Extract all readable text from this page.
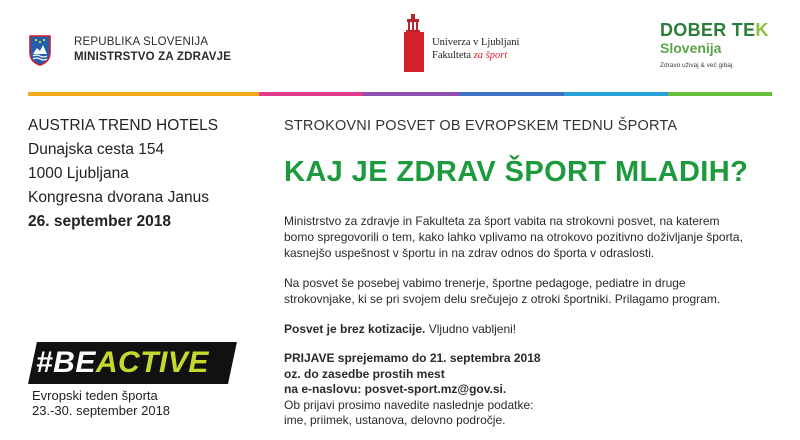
REPUBLIKA SLOVENIJA
MINISTRSTVO ZA ZDRAVJE
Univerza v Ljubljani
Fakulteta za šport
DOBER TEK
Slovenija
Zdravo uživaj & več gibaj.

AUSTRIA TREND HOTELS

Dunajska cesta 154

1000 Ljubljana

Kongresna dvorana Janus

26. september 2018

STROKOVNI POSVET OB EVROPSKEM TEDNU ŠPORTA
KAJ JE ZDRAV ŠPORT MLADIH?
Ministrstvo za zdravje in Fakulteta za šport vabita na strokovni posvet, na katerem
bomo spregovorili o tem, kako lahko vplivamo na otrokovo pozitivno doživljanje športa,
kasnejšo uspešnost v športu in na zdrav odnos do športa v odraslosti.
Na posvet še posebej vabimo trenerje, športne pedagoge, pediatre in druge
strokovnjake, ki se pri svojem delu srečujejo z otroki športniki. Prilagamo program.
Posvet je brez kotizacije. Vljudno vabljeni!
PRIJAVE sprejemamo do 21. septembra 2018
oz. do zasedbe prostih mest
na e-naslovu: posvet-sport.mz@gov.si.
Ob prijavi prosimo navedite naslednje podatke:
ime, priimek, ustanova, delovno področje.
#BEACTIVE
Evropski teden športa
23.-30. september 2018
